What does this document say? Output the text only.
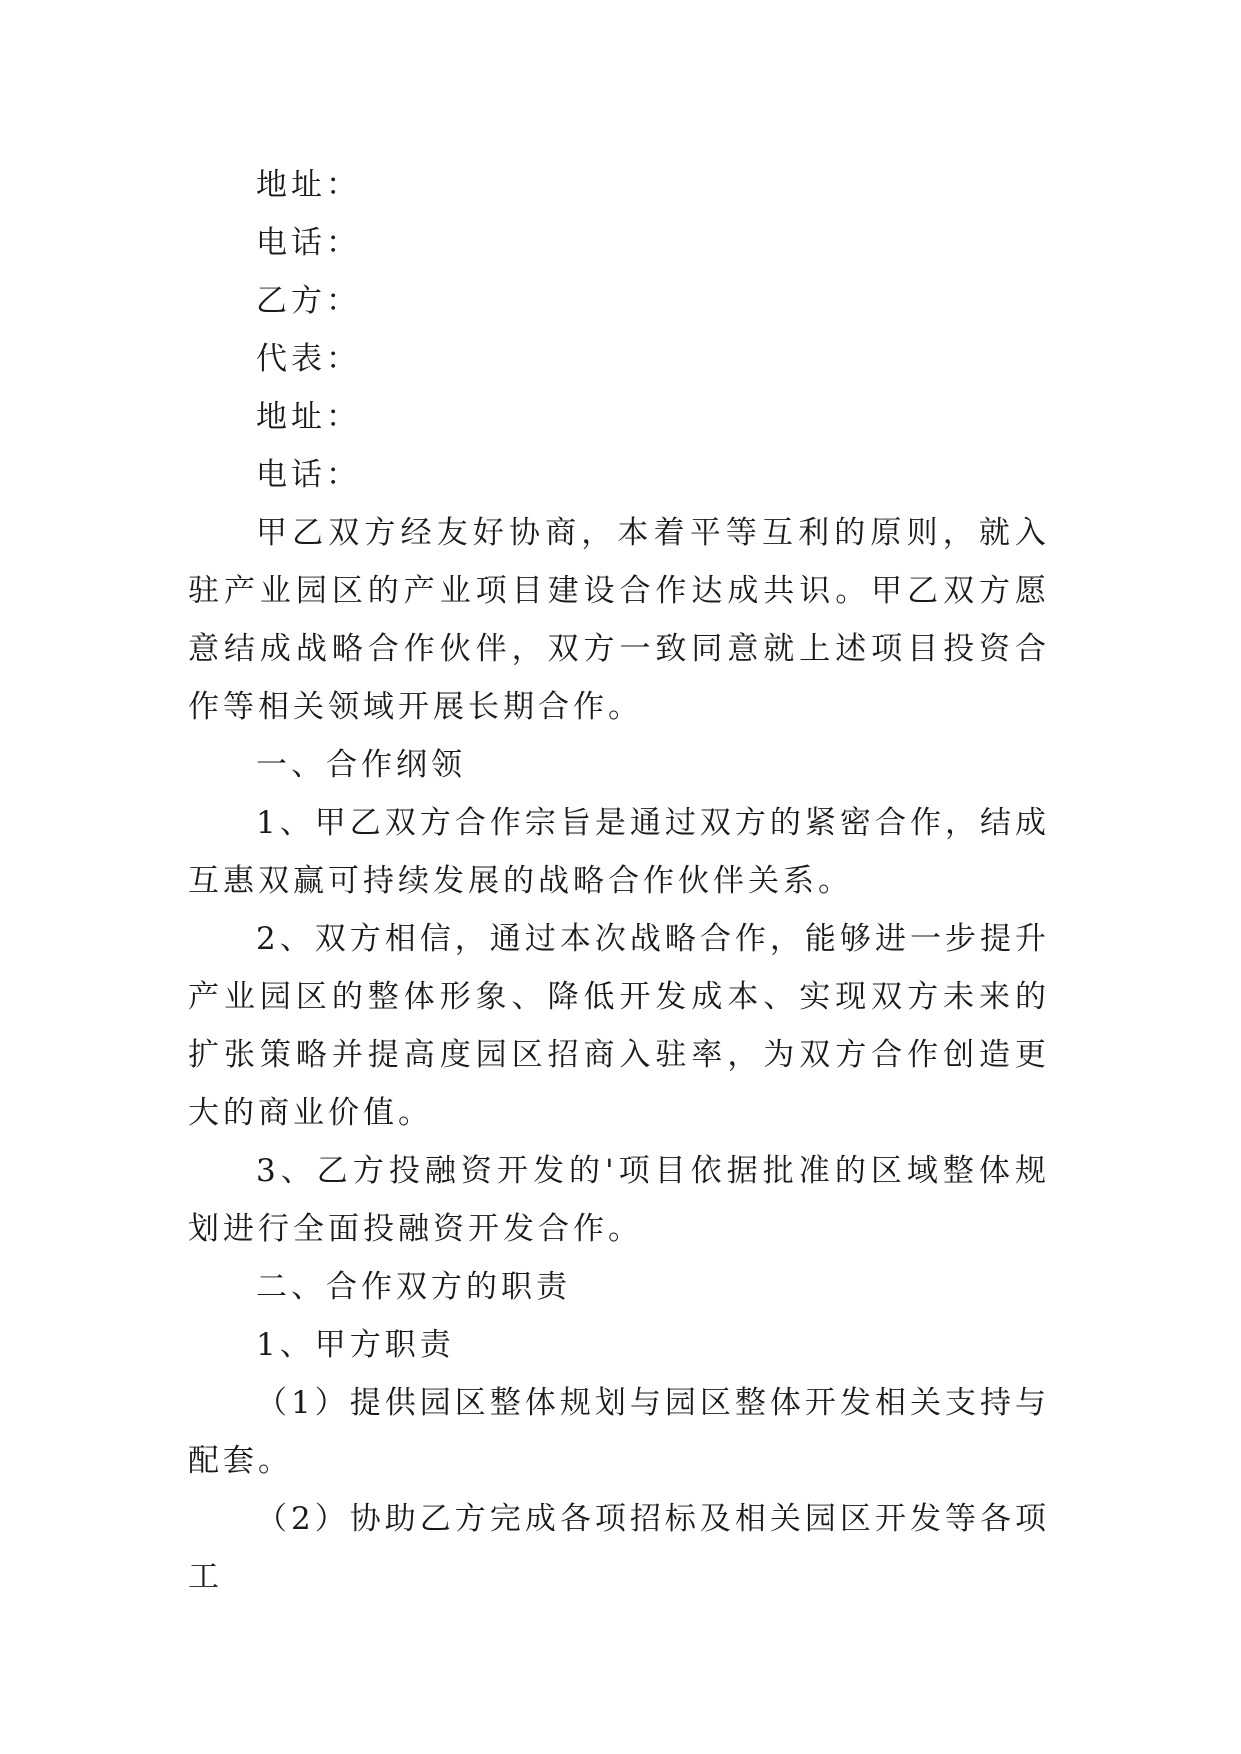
地址：

电话：

乙方：

代表：

地址：

电话：

甲乙双方经友好协商，本着平等互利的原则，就入驻产业园区的产业项目建设合作达成共识。甲乙双方愿意结成战略合作伙伴，双方一致同意就上述项目投资合作等相关领域开展长期合作。

一、合作纲领

1、甲乙双方合作宗旨是通过双方的紧密合作，结成互惠双赢可持续发展的战略合作伙伴关系。

2、双方相信，通过本次战略合作，能够进一步提升产业园区的整体形象、降低开发成本、实现双方未来的扩张策略并提高度园区招商入驻率，为双方合作创造更大的商业价值。

3、乙方投融资开发的'项目依据批准的区域整体规划进行全面投融资开发合作。

二、合作双方的职责

1、甲方职责

（1）提供园区整体规划与园区整体开发相关支持与配套。

（2）协助乙方完成各项招标及相关园区开发等各项工
